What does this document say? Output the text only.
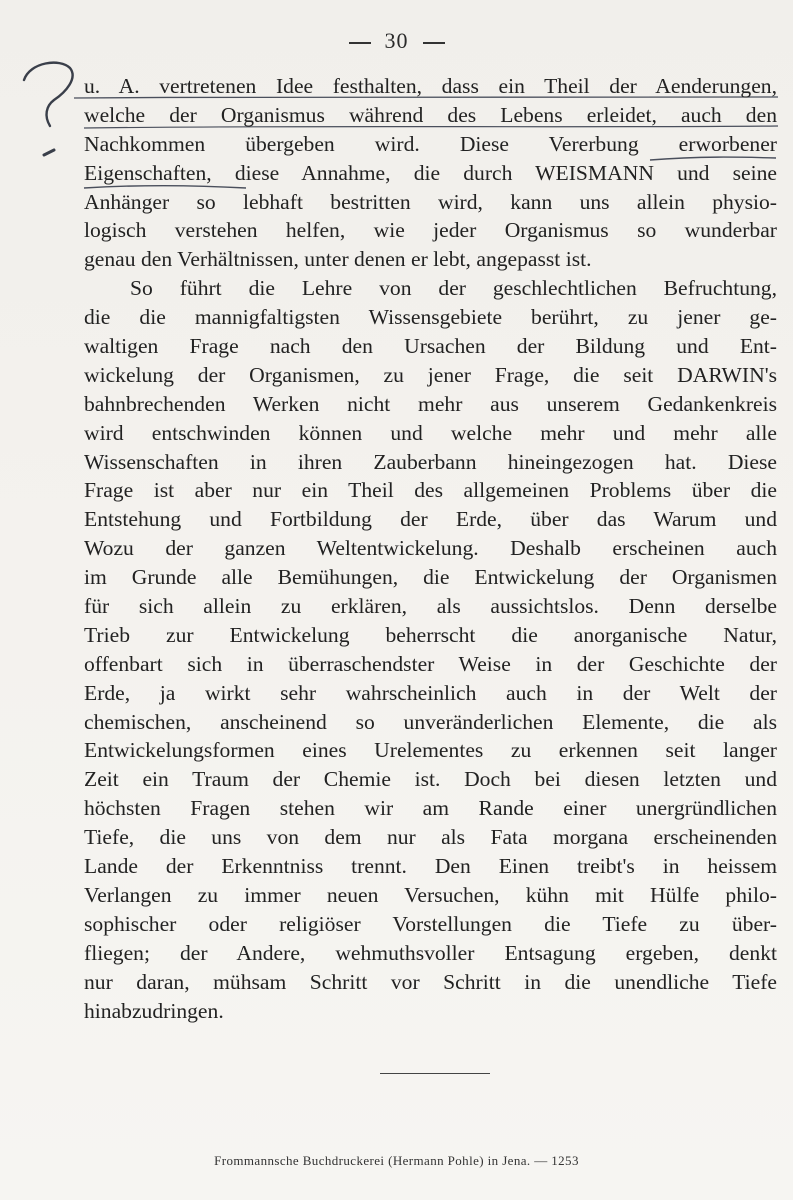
30
u. A. vertretenen Idee festhalten, dass ein Theil der Aenderungen,
welche der Organismus während des Lebens erleidet, auch den
Nachkommen übergeben wird. Diese Vererbung erworbener
Eigenschaften, diese Annahme, die durch WEISMANN und seine
Anhänger so lebhaft bestritten wird, kann uns allein physio-
logisch verstehen helfen, wie jeder Organismus so wunderbar
genau den Verhältnissen, unter denen er lebt, angepasst ist.
So führt die Lehre von der geschlechtlichen Befruchtung,
die die mannigfaltigsten Wissensgebiete berührt, zu jener ge-
waltigen Frage nach den Ursachen der Bildung und Ent-
wickelung der Organismen, zu jener Frage, die seit DARWIN's
bahnbrechenden Werken nicht mehr aus unserem Gedankenkreis
wird entschwinden können und welche mehr und mehr alle
Wissenschaften in ihren Zauberbann hineingezogen hat. Diese
Frage ist aber nur ein Theil des allgemeinen Problems über die
Entstehung und Fortbildung der Erde, über das Warum und
Wozu der ganzen Weltentwickelung. Deshalb erscheinen auch
im Grunde alle Bemühungen, die Entwickelung der Organismen
für sich allein zu erklären, als aussichtslos. Denn derselbe
Trieb zur Entwickelung beherrscht die anorganische Natur,
offenbart sich in überraschendster Weise in der Geschichte der
Erde, ja wirkt sehr wahrscheinlich auch in der Welt der
chemischen, anscheinend so unveränderlichen Elemente, die als
Entwickelungsformen eines Urelementes zu erkennen seit langer
Zeit ein Traum der Chemie ist. Doch bei diesen letzten und
höchsten Fragen stehen wir am Rande einer unergründlichen
Tiefe, die uns von dem nur als Fata morgana erscheinenden
Lande der Erkenntniss trennt. Den Einen treibt's in heissem
Verlangen zu immer neuen Versuchen, kühn mit Hülfe philo-
sophischer oder religiöser Vorstellungen die Tiefe zu über-
fliegen; der Andere, wehmuthsvoller Entsagung ergeben, denkt
nur daran, mühsam Schritt vor Schritt in die unendliche Tiefe
hinabzudringen.
Frommannsche Buchdruckerei (Hermann Pohle) in Jena. — 1253
